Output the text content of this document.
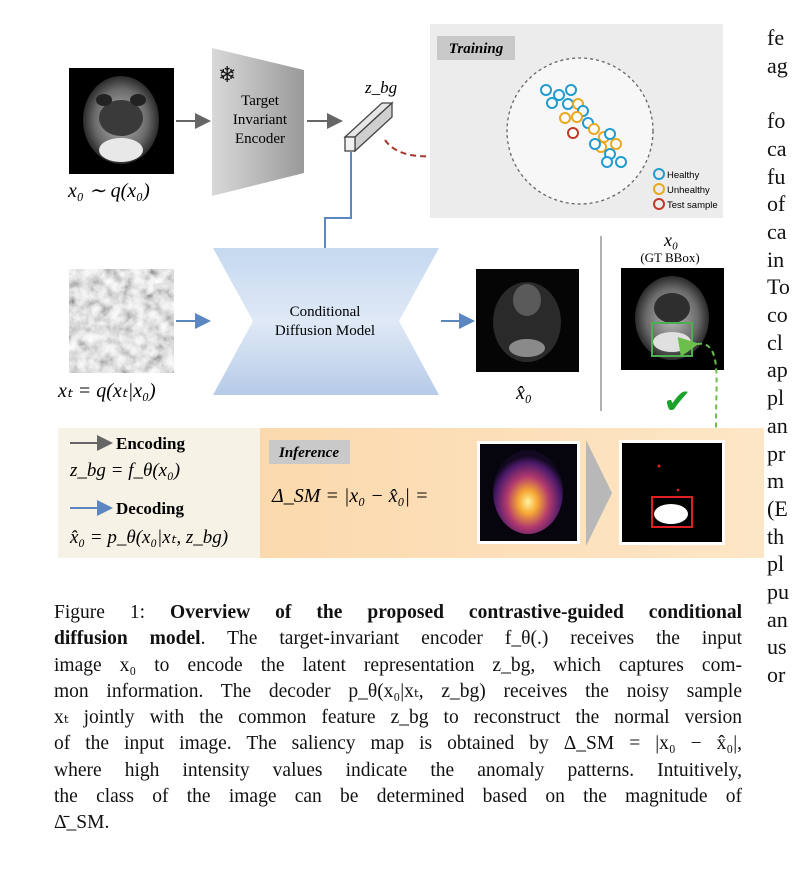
x₀ ∼ q(x₀)
❄
Target
Invariant
Encoder
z_bg
Training
Healthy
Unhealthy
Test sample
xₜ = q(xₜ|x₀)
Conditional
Diffusion Model
x̂₀
x₀
(GT BBox)
✔
Encoding
z_bg = f_θ(x₀)
Decoding
x̂₀ = p_θ(x₀|xₜ, z_bg)
Inference
Δ_SM = |x₀ − x̂₀| =
Figure 1: Overview of the proposed contrastive-guided conditional
diffusion model. The target-invariant encoder f_θ(.) receives the input
image x₀ to encode the latent representation z_bg, which captures com-
mon information. The decoder p_θ(x₀|xₜ, z_bg) receives the noisy sample
xₜ jointly with the common feature z_bg to reconstruct the normal version
of the input image. The saliency map is obtained by Δ_SM = |x₀ − x̂₀|,
where high intensity values indicate the anomaly patterns. Intuitively,
the class of the image can be determined based on the magnitude of
Δ̄_SM.
fe
ag

fo
ca
fu
of
ca
in
To
co
cl
ap
pl
an
pr
m
(E
th
pl
pu
an
us
or
